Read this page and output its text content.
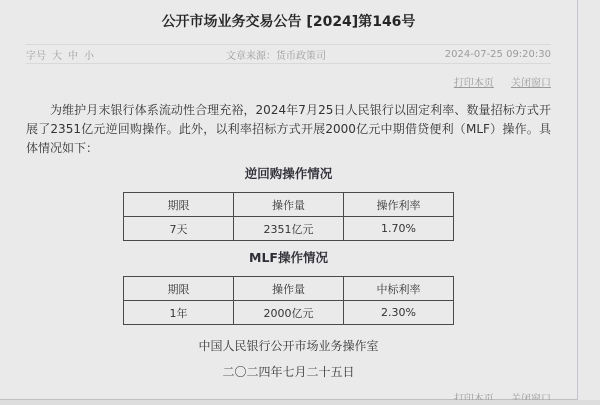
公开市场业务交易公告 [2024]第146号
字号 大 中 小	文章来源：货币政策司	2024-07-25 09:20:30
打印本页 关闭窗口
为维护月末银行体系流动性合理充裕，2024年7月25日人民银行以固定利率、数量招标方式开展了2351亿元逆回购操作。此外，以利率招标方式开展2000亿元中期借贷便利（MLF）操作。具体情况如下：
逆回购操作情况
期限	操作量	操作利率
7天	2351亿元	1.70%
MLF操作情况
期限	操作量	中标利率
1年	2000亿元	2.30%
中国人民银行公开市场业务操作室
二〇二四年七月二十五日
